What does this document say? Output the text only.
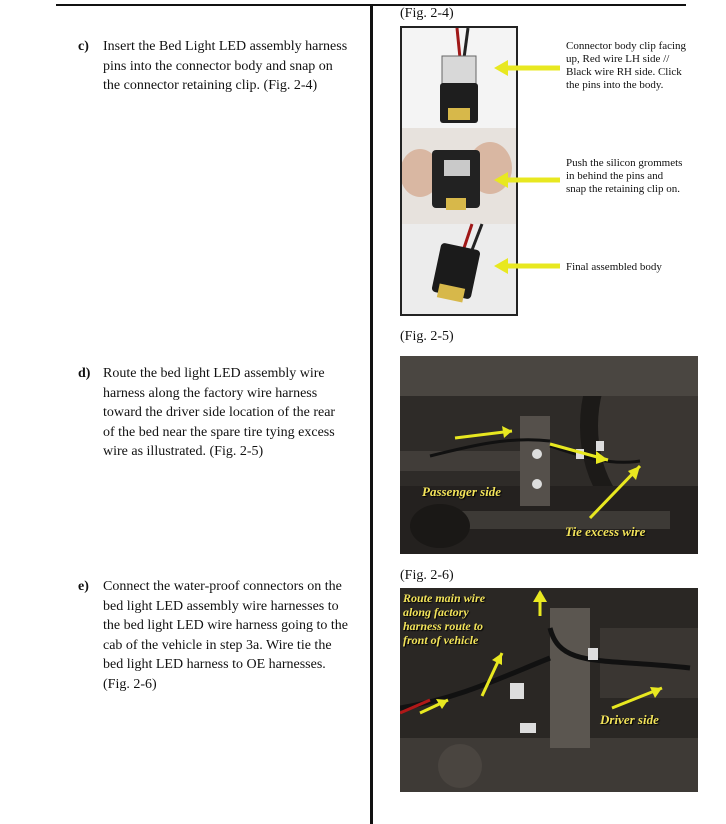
c) Insert the Bed Light LED assembly harness pins into the connector body and snap on the connector retaining clip. (Fig. 2-4)
d) Route the bed light LED assembly wire harness along the factory wire harness toward the driver side location of the rear of the bed near the spare tire tying excess wire as illustrated. (Fig. 2-5)
e) Connect the water-proof connectors on the bed light LED assembly wire harnesses to the bed light LED wire harness going to the cab of the vehicle in step 3a. Wire tie the bed light LED harness to OE harnesses. (Fig. 2-6)
(Fig. 2-4)
Connector body clip facing up, Red wire LH side // Black wire RH side. Click the pins into the body.
Push the silicon grommets in behind the pins and snap the retaining clip on.
Final assembled body
(Fig. 2-5)
Passenger side
Tie excess wire
(Fig. 2-6)
Route main wire along factory harness route to front of vehicle
Driver side
